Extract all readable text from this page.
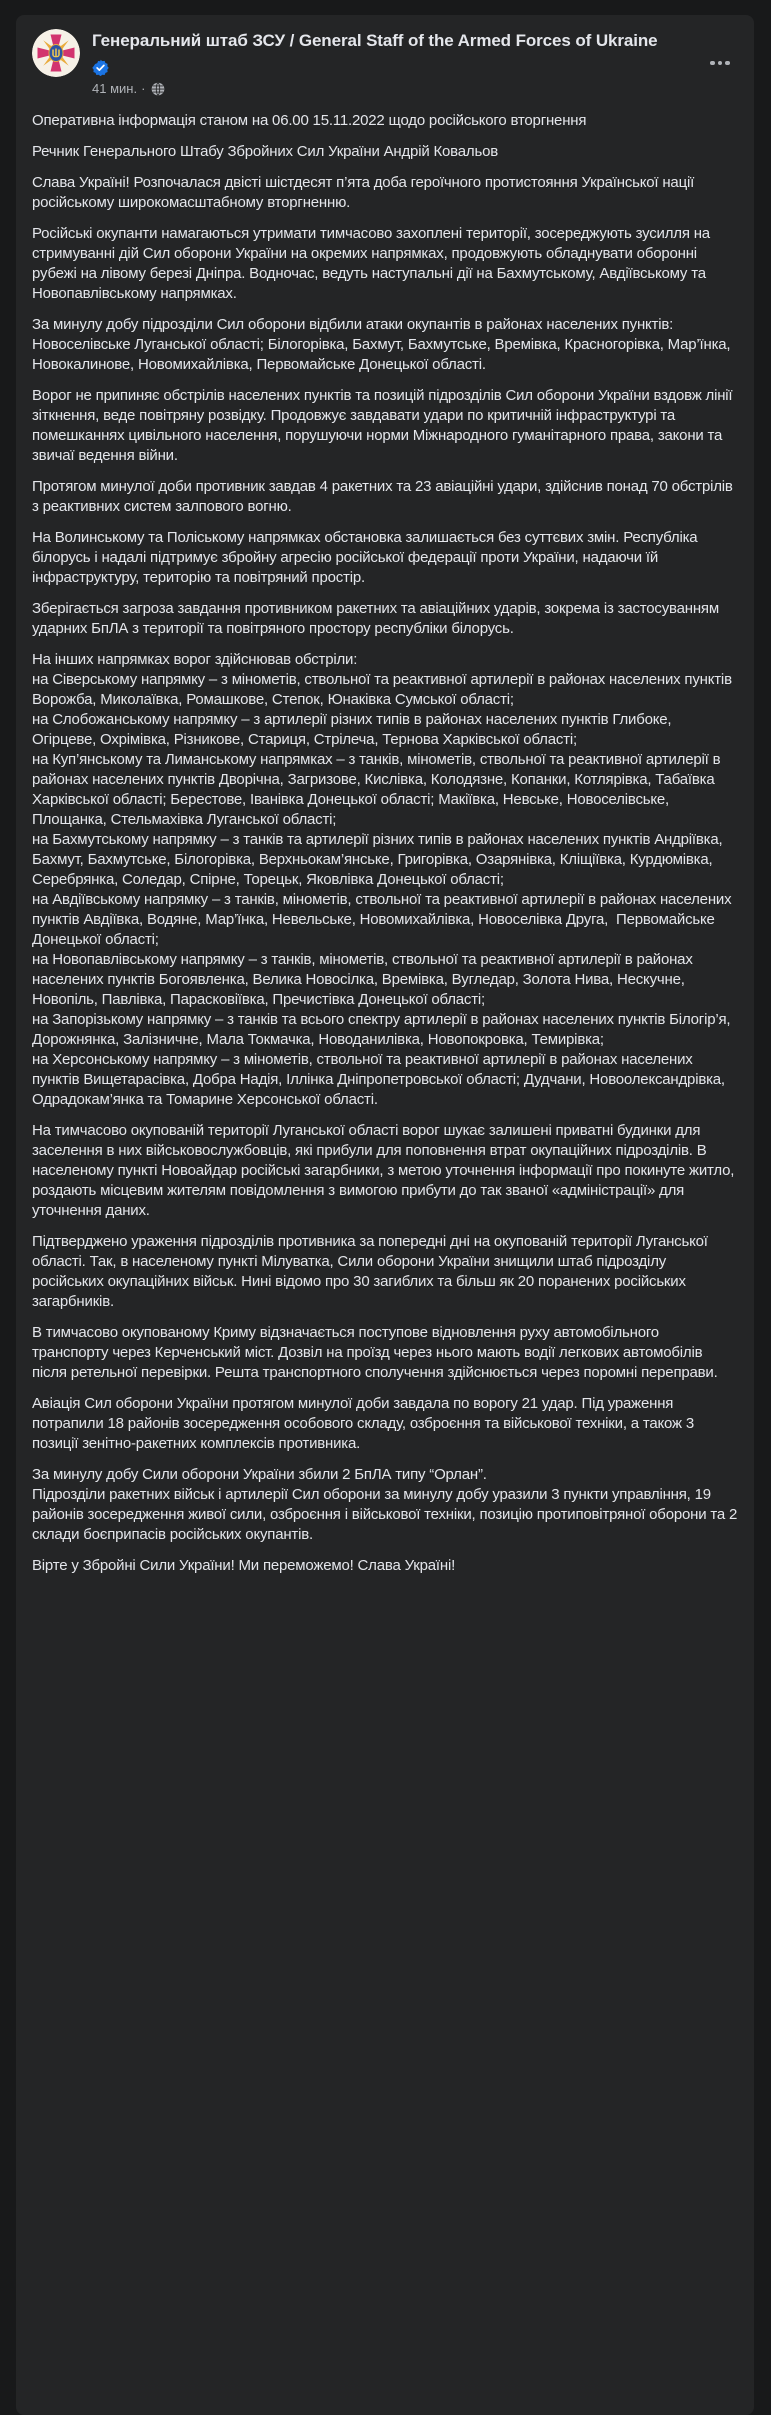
Генеральний штаб ЗСУ / General Staff of the Armed Forces of Ukraine
41 мин. ·

Оперативна інформація станом на 06.00 15.11.2022 щодо російського вторгнення

Речник Генерального Штабу Збройних Сил України Андрій Ковальов

Слава Україні! Розпочалася двісті шістдесят п’ята доба героїчного протистояння Української нації російському широкомасштабному вторгненню.

Російські окупанти намагаються утримати тимчасово захоплені території, зосереджують зусилля на стримуванні дій Сил оборони України на окремих напрямках, продовжують обладнувати оборонні рубежі на лівому березі Дніпра. Водночас, ведуть наступальні дії на Бахмутському, Авдіївському та Новопавлівському напрямках.

За минулу добу підрозділи Сил оборони відбили атаки окупантів в районах населених пунктів: Новоселівське Луганської області; Білогорівка, Бахмут, Бахмутське, Времівка, Красногорівка, Мар’їнка, Новокалинове, Новомихайлівка, Первомайське Донецької області.

Ворог не припиняє обстрілів населених пунктів та позицій підрозділів Сил оборони України вздовж лінії зіткнення, веде повітряну розвідку. Продовжує завдавати удари по критичній інфраструктурі та помешканнях цивільного населення, порушуючи норми Міжнародного гуманітарного права, закони та звичаї ведення війни.

Протягом минулої доби противник завдав 4 ракетних та 23 авіаційні удари, здійснив понад 70 обстрілів з реактивних систем залпового вогню.

На Волинському та Поліському напрямках обстановка залишається без суттєвих змін. Республіка білорусь і надалі підтримує збройну агресію російської федерації проти України, надаючи їй інфраструктуру, територію та повітряний простір.

Зберігається загроза завдання противником ракетних та авіаційних ударів, зокрема із застосуванням ударних БпЛА з території та повітряного простору республіки білорусь.

На інших напрямках ворог здійснював обстріли:
на Сіверському напрямку – з мінометів, ствольної та реактивної артилерії в районах населених пунктів Ворожба, Миколаївка, Ромашкове, Степок, Юнаківка Сумської області;
на Слобожанському напрямку – з артилерії різних типів в районах населених пунктів Глибоке, Огірцеве, Охрімівка, Різникове, Стариця, Стрілеча, Тернова Харківської області;
на Куп’янському та Лиманському напрямках – з танків, мінометів, ствольної та реактивної артилерії в районах населених пунктів Дворічна, Загризове, Кислівка, Колодязне, Копанки, Котлярівка, Табаївка Харківської області; Берестове, Іванівка Донецької області; Макіївка, Невське, Новоселівське, Площанка, Стельмахівка Луганської області;
на Бахмутському напрямку – з танків та артилерії різних типів в районах населених пунктів Андріївка, Бахмут, Бахмутське, Білогорівка, Верхньокам’янське, Григорівка, Озарянівка, Кліщіївка, Курдюмівка, Серебрянка, Соледар, Спірне, Торецьк, Яковлівка Донецької області;
на Авдіївському напрямку – з танків, мінометів, ствольної та реактивної артилерії в районах населених пунктів Авдіївка, Водяне, Мар’їнка, Невельське, Новомихайлівка, Новоселівка Друга,  Первомайське Донецької області;
на Новопавлівському напрямку – з танків, мінометів, ствольної та реактивної артилерії в районах населених пунктів Богоявленка, Велика Новосілка, Времівка, Вугледар, Золота Нива, Нескучне, Новопіль, Павлівка, Парасковіївка, Пречистівка Донецької області;
на Запорізькому напрямку – з танків та всього спектру артилерії в районах населених пунктів Білогір’я, Дорожнянка, Залізничне, Мала Токмачка, Новоданилівка, Новопокровка, Темирівка;
на Херсонському напрямку – з мінометів, ствольної та реактивної артилерії в районах населених пунктів Вищетарасівка, Добра Надія, Іллінка Дніпропетровської області; Дудчани, Новоолександрівка, Одрадокам’янка та Томарине Херсонської області.

На тимчасово окупованій території Луганської області ворог шукає залишені приватні будинки для заселення в них військовослужбовців, які прибули для поповнення втрат окупаційних підрозділів. В населеному пункті Новоайдар російські загарбники, з метою уточнення інформації про покинуте житло, роздають місцевим жителям повідомлення з вимогою прибути до так званої «адміністрації» для уточнення даних.

Підтверджено ураження підрозділів противника за попередні дні на окупованій території Луганської області. Так, в населеному пункті Мілуватка, Сили оборони України знищили штаб підрозділу російських окупаційних військ. Нині відомо про 30 загиблих та більш як 20 поранених російських загарбників.

В тимчасово окупованому Криму відзначається поступове відновлення руху автомобільного транспорту через Керченський міст. Дозвіл на проїзд через нього мають водії легкових автомобілів після ретельної перевірки. Решта транспортного сполучення здійснюється через поромні переправи.

Авіація Сил оборони України протягом минулої доби завдала по ворогу 21 удар. Під ураження потрапили 18 районів зосередження особового складу, озброєння та військової техніки, а також 3 позиції зенітно-ракетних комплексів противника.

За минулу добу Сили оборони України збили 2 БпЛА типу “Орлан”.
Підрозділи ракетних військ і артилерії Сил оборони за минулу добу уразили 3 пункти управління, 19 районів зосередження живої сили, озброєння і військової техніки, позицію протиповітряної оборони та 2 склади боєприпасів російських окупантів.

Вірте у Збройні Сили України! Ми переможемо! Слава Україні!
